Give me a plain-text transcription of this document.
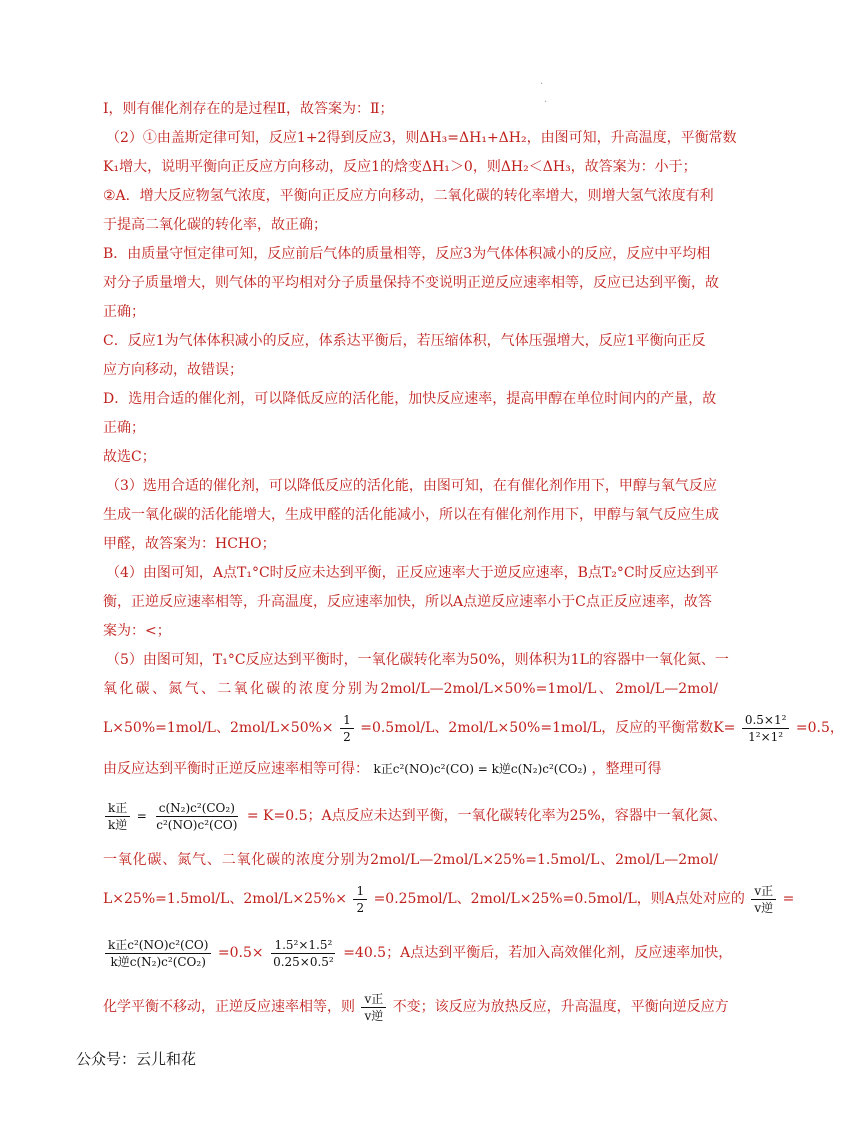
.
.
Ⅰ，则有催化剂存在的是过程Ⅱ，故答案为：Ⅱ；
（2）①由盖斯定律可知，反应1+2得到反应3，则ΔH₃=ΔH₁+ΔH₂，由图可知，升高温度，平衡常数
K₁增大，说明平衡向正反应方向移动，反应1的焓变ΔH₁＞0，则ΔH₂＜ΔH₃，故答案为：小于；
②A．增大反应物氢气浓度，平衡向正反应方向移动，二氧化碳的转化率增大，则增大氢气浓度有利
于提高二氧化碳的转化率，故正确；
B．由质量守恒定律可知，反应前后气体的质量相等，反应3为气体体积减小的反应，反应中平均相
对分子质量增大，则气体的平均相对分子质量保持不变说明正逆反应速率相等，反应已达到平衡，故
正确；
C．反应1为气体体积减小的反应，体系达平衡后，若压缩体积，气体压强增大，反应1平衡向正反
应方向移动，故错误；
D．选用合适的催化剂，可以降低反应的活化能，加快反应速率，提高甲醇在单位时间内的产量，故
正确；
故选C；
（3）选用合适的催化剂，可以降低反应的活化能，由图可知，在有催化剂作用下，甲醇与氧气反应
生成一氧化碳的活化能增大，生成甲醛的活化能减小，所以在有催化剂作用下，甲醇与氧气反应生成
甲醛，故答案为：HCHO；
（4）由图可知，A点T₁°C时反应未达到平衡，正反应速率大于逆反应速率，B点T₂°C时反应达到平
衡，正逆反应速率相等，升高温度，反应速率加快，所以A点逆反应速率小于C点正反应速率，故答
案为：<；
（5）由图可知，T₁°C反应达到平衡时，一氧化碳转化率为50%，则体积为1L的容器中一氧化氮、一
氧化碳、氮气、二氧化碳的浓度分别为2mol/L—2mol/L×50%=1mol/L、2mol/L—2mol/
L×50%=1mol/L、$2mol/L\times 50\%\times \frac{1}{2} =0.5mol/L$、2mol/L×50%=1mol/L，反应的平衡常数$K= \frac{\text{0.5×1²}}{\text{1²×1²}} =0.5$，
由反应达到平衡时正逆反应速率相等可得： k正c²(NO)c²(CO) = k逆c(N₂)c²(CO₂) ，整理可得
$\frac{\text{k正}}{\text{k逆}} = \frac{\text{c(N₂)c²(CO₂)}}{\text{c²(NO)c²(CO)}} = K=0.5$；A点反应未达到平衡，一氧化碳转化率为25%，容器中一氧化氮、
一氧化碳、氮气、二氧化碳的浓度分别为2mol/L—2mol/L×25%=1.5mol/L、2mol/L—2mol/
L×25%=1.5mol/L、$2mol/L\times 25\%\times \frac{1}{2} =0.25mol/L$、2mol/L×25%=0.5mol/L，则A点处对应的 $\frac{\text{v正}}{\text{v逆}}$ =
$\frac{\text{k正c²(NO)c²(CO)}}{\text{k逆c(N₂)c²(CO₂)}} =0.5\times \frac{\text{1.5²×1.5²}}{\text{0.25×0.5²}} =40.5$；A点达到平衡后，若加入高效催化剂，反应速率加快，
化学平衡不移动，正逆反应速率相等，则 $\frac{\text{v正}}{\text{v逆}}$ 不变；该反应为放热反应，升高温度，平衡向逆反应方
公众号：云儿和花
